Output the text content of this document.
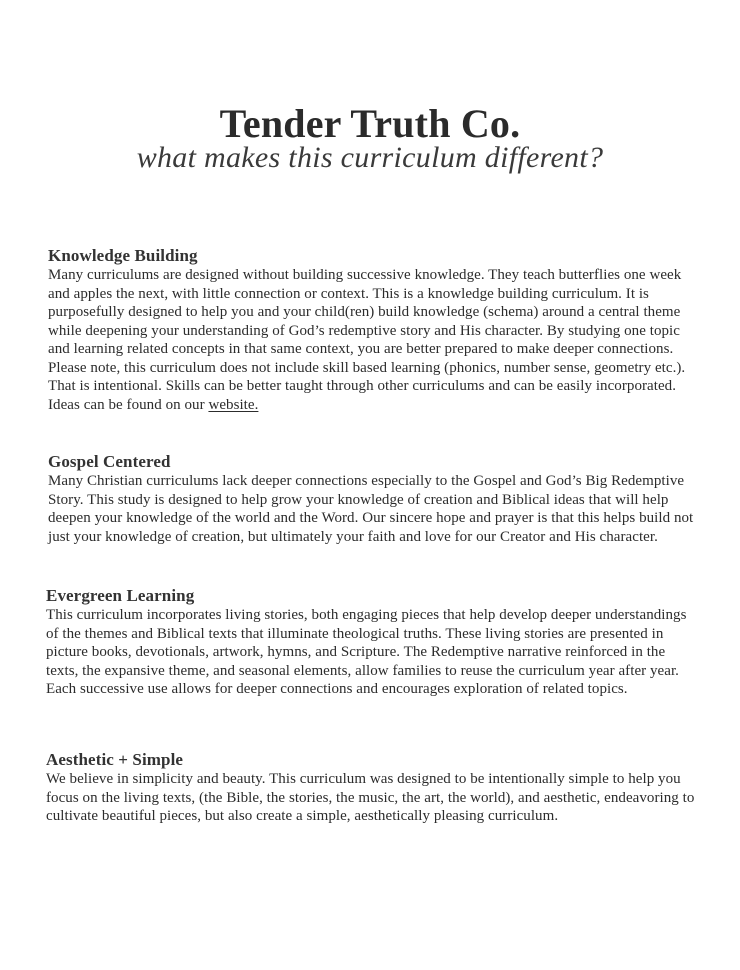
Tender Truth Co.
what makes this curriculum different?
Knowledge Building

Many curriculums are designed without building successive knowledge. They teach butterflies one week and apples the next, with little connection or context. This is a knowledge building curriculum. It is purposefully designed to help you and your child(ren) build knowledge (schema) around a central theme while deepening your understanding of God’s redemptive story and His character. By studying one topic and learning related concepts in that same context, you are better prepared to make deeper connections. Please note, this curriculum does not include skill based learning (phonics, number sense, geometry etc.). That is intentional. Skills can be better taught through other curriculums and can be easily incorporated. Ideas can be found on our website.

Gospel Centered

Many Christian curriculums lack deeper connections especially to the Gospel and God’s Big Redemptive Story. This study is designed to help grow your knowledge of creation and Biblical ideas that will help deepen your knowledge of the world and the Word. Our sincere hope and prayer is that this helps build not just your knowledge of creation, but ultimately your faith and love for our Creator and His character.

Evergreen Learning

This curriculum incorporates living stories, both engaging pieces that help develop deeper understandings of the themes and Biblical texts that illuminate theological truths. These living stories are presented in picture books, devotionals, artwork, hymns, and Scripture. The Redemptive narrative reinforced in the texts, the expansive theme, and seasonal elements, allow families to reuse the curriculum year after year. Each successive use allows for deeper connections and encourages exploration of related topics.

Aesthetic + Simple

We believe in simplicity and beauty. This curriculum was designed to be intentionally simple to help you focus on the living texts, (the Bible, the stories, the music, the art, the world), and aesthetic, endeavoring to cultivate beautiful pieces, but also create a simple, aesthetically pleasing curriculum.
